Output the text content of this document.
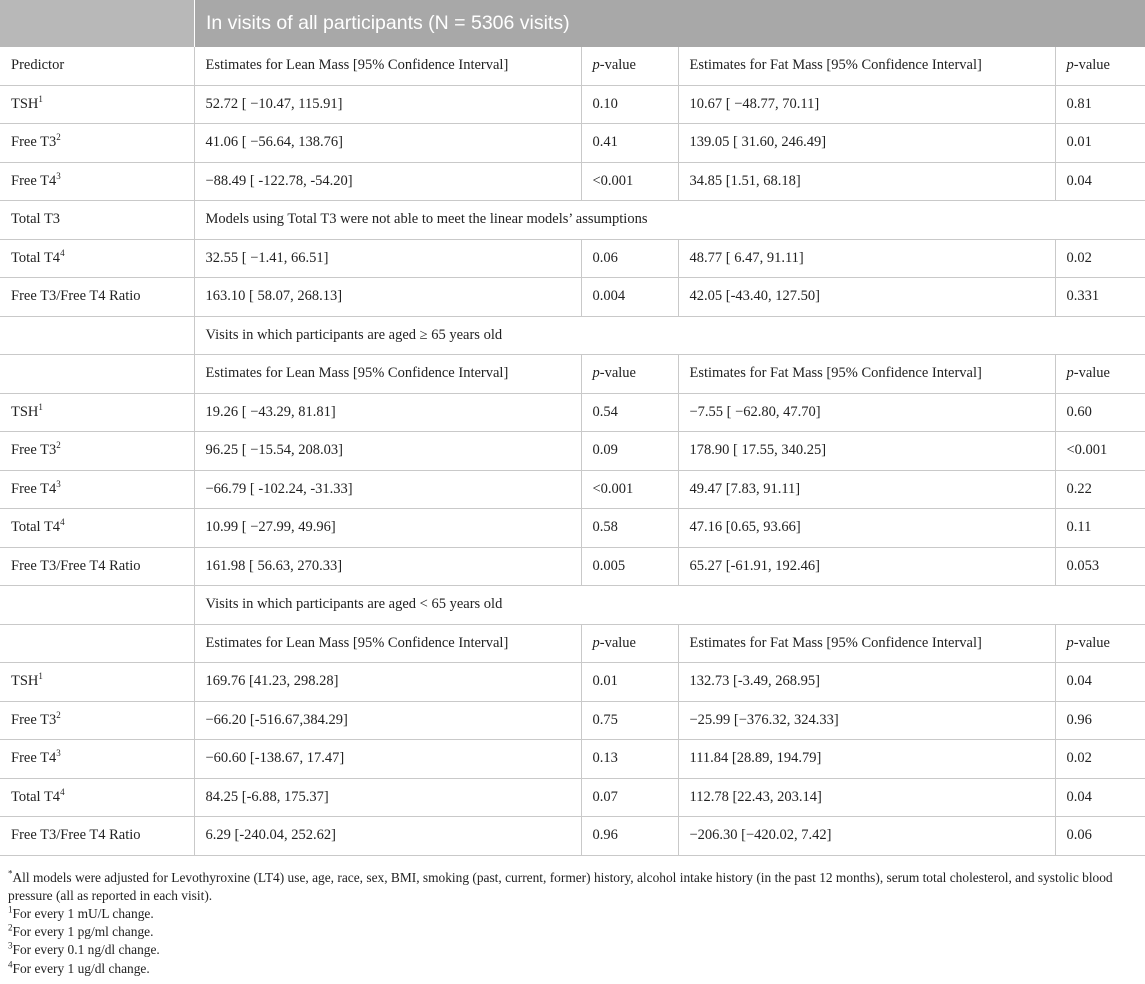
In visits of all participants (N = 5306 visits)
Predictor	Estimates for Lean Mass [95% Confidence Interval]	p-value	Estimates for Fat Mass [95% Confidence Interval]	p-value
TSH$^1$	52.72 [ −10.47, 115.91]	0.10	10.67 [ −48.77, 70.11]	0.81
Free $T3^2$	41.06 [ −56.64, 138.76]	0.41	139.05 [ 31.60, 246.49]	0.01
Free $T4^3$	−88.49 [ -122.78, -54.20]	<0.001	34.85 [1.51, 68.18]	0.04
Total T3	Models using Total T3 were not able to meet the linear models’ assumptions			
Total $T4^4$	32.55 [ −1.41, 66.51]	0.06	48.77 [ 6.47, 91.11]	0.02
Free T3/Free T4 Ratio	163.10 [ 58.07, 268.13]	0.004	42.05 [-43.40, 127.50]	0.331
	Visits in which participants are aged ≥ 65 years old			
	Estimates for Lean Mass [95% Confidence Interval]	p-value	Estimates for Fat Mass [95% Confidence Interval]	p-value
TSH$^1$	19.26 [ −43.29, 81.81]	0.54	−7.55 [ −62.80, 47.70]	0.60
Free $T3^2$	96.25 [ −15.54, 208.03]	0.09	178.90 [ 17.55, 340.25]	<0.001
Free $T4^3$	−66.79 [ -102.24, -31.33]	<0.001	49.47 [7.83, 91.11]	0.22
Total $T4^4$	10.99 [ −27.99, 49.96]	0.58	47.16 [0.65, 93.66]	0.11
Free T3/Free T4 Ratio	161.98 [ 56.63, 270.33]	0.005	65.27 [-61.91, 192.46]	0.053
	Visits in which participants are aged < 65 years old			
	Estimates for Lean Mass [95% Confidence Interval]	p-value	Estimates for Fat Mass [95% Confidence Interval]	p-value
TSH$^1$	169.76 [41.23, 298.28]	0.01	132.73 [-3.49, 268.95]	0.04
Free $T3^2$	−66.20 [-516.67,384.29]	0.75	−25.99 [−376.32, 324.33]	0.96
Free $T4^3$	−60.60 [-138.67, 17.47]	0.13	111.84 [28.89, 194.79]	0.02
Total $T4^4$	84.25 [-6.88, 175.37]	0.07	112.78 [22.43, 203.14]	0.04
Free T3/Free T4 Ratio	6.29 [-240.04, 252.62]	0.96	−206.30 [−420.02, 7.42]	0.06

*All models were adjusted for Levothyroxine (LT4) use, age, race, sex, BMI, smoking (past, current, former) history, alcohol intake history (in the past 12 months), serum total cholesterol, and systolic blood pressure (all as reported in each visit).

$^1$For every 1 mU/L change.

$^2$For every 1 pg/ml change.

$^3$For every 0.1 ng/dl change.

$^4$For every 1 ug/dl change.
